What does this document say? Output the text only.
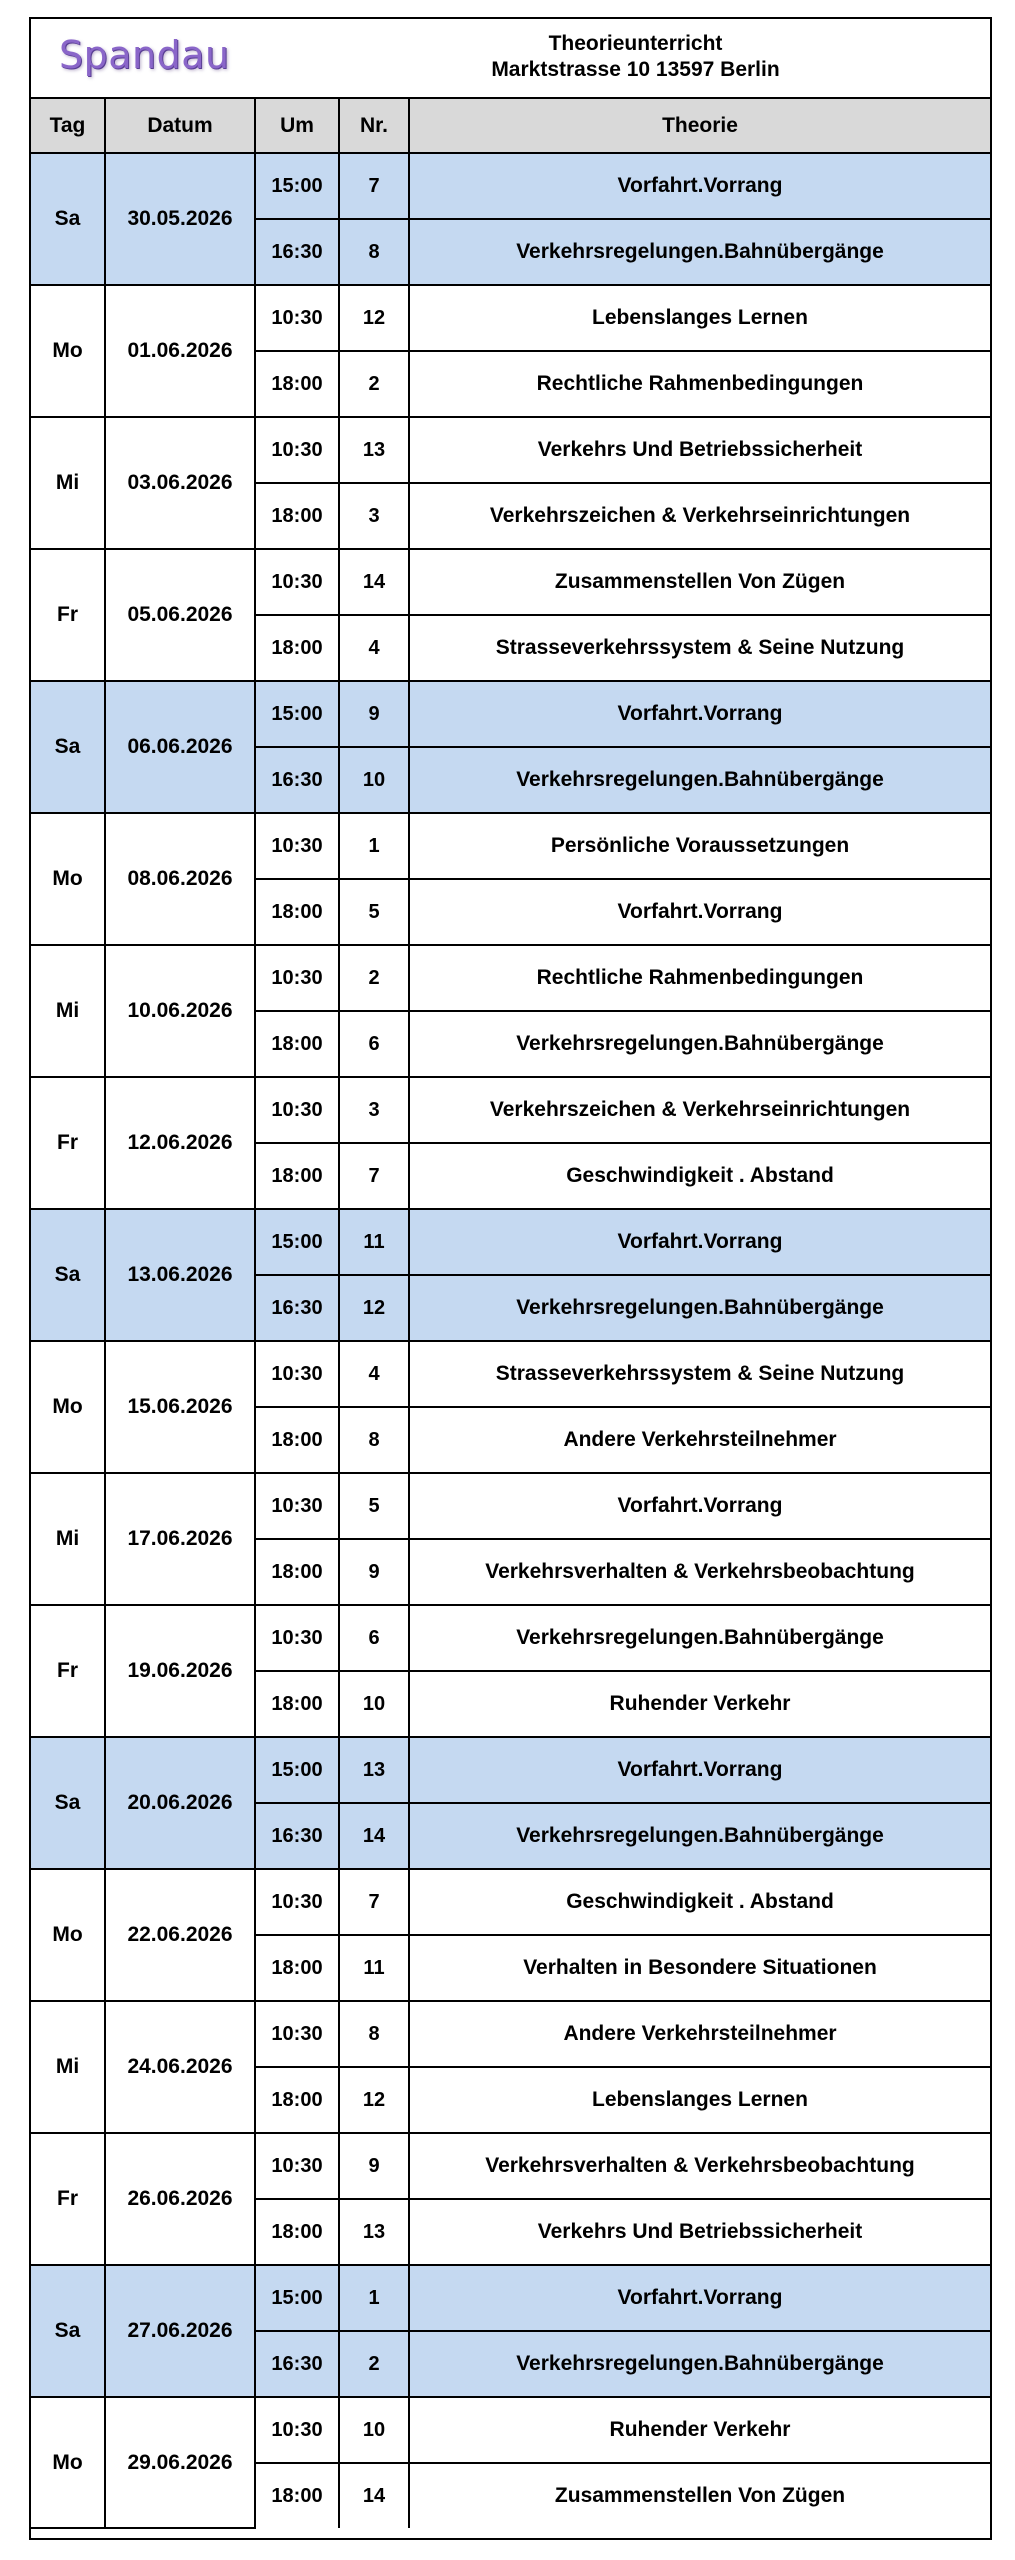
Spandau	Theorieunterricht
Marktstrasse 10 13597 Berlin
Tag	Datum	Um	Nr.	Theorie
Sa	30.05.2026	15:00	7	Vorfahrt.Vorrang
		16:30	8	Verkehrsregelungen.Bahnübergänge
Mo	01.06.2026	10:30	12	Lebenslanges Lernen
		18:00	2	Rechtliche Rahmenbedingungen
Mi	03.06.2026	10:30	13	Verkehrs Und Betriebssicherheit
		18:00	3	Verkehrszeichen & Verkehrseinrichtungen
Fr	05.06.2026	10:30	14	Zusammenstellen Von Zügen
		18:00	4	Strasseverkehrssystem & Seine Nutzung
Sa	06.06.2026	15:00	9	Vorfahrt.Vorrang
		16:30	10	Verkehrsregelungen.Bahnübergänge
Mo	08.06.2026	10:30	1	Persönliche Voraussetzungen
		18:00	5	Vorfahrt.Vorrang
Mi	10.06.2026	10:30	2	Rechtliche Rahmenbedingungen
		18:00	6	Verkehrsregelungen.Bahnübergänge
Fr	12.06.2026	10:30	3	Verkehrszeichen & Verkehrseinrichtungen
		18:00	7	Geschwindigkeit . Abstand
Sa	13.06.2026	15:00	11	Vorfahrt.Vorrang
		16:30	12	Verkehrsregelungen.Bahnübergänge
Mo	15.06.2026	10:30	4	Strasseverkehrssystem & Seine Nutzung
		18:00	8	Andere Verkehrsteilnehmer
Mi	17.06.2026	10:30	5	Vorfahrt.Vorrang
		18:00	9	Verkehrsverhalten & Verkehrsbeobachtung
Fr	19.06.2026	10:30	6	Verkehrsregelungen.Bahnübergänge
		18:00	10	Ruhender Verkehr
Sa	20.06.2026	15:00	13	Vorfahrt.Vorrang
		16:30	14	Verkehrsregelungen.Bahnübergänge
Mo	22.06.2026	10:30	7	Geschwindigkeit . Abstand
		18:00	11	Verhalten in Besondere Situationen
Mi	24.06.2026	10:30	8	Andere Verkehrsteilnehmer
		18:00	12	Lebenslanges Lernen
Fr	26.06.2026	10:30	9	Verkehrsverhalten & Verkehrsbeobachtung
		18:00	13	Verkehrs Und Betriebssicherheit
Sa	27.06.2026	15:00	1	Vorfahrt.Vorrang
		16:30	2	Verkehrsregelungen.Bahnübergänge
Mo	29.06.2026	10:30	10	Ruhender Verkehr
		18:00	14	Zusammenstellen Von Zügen
